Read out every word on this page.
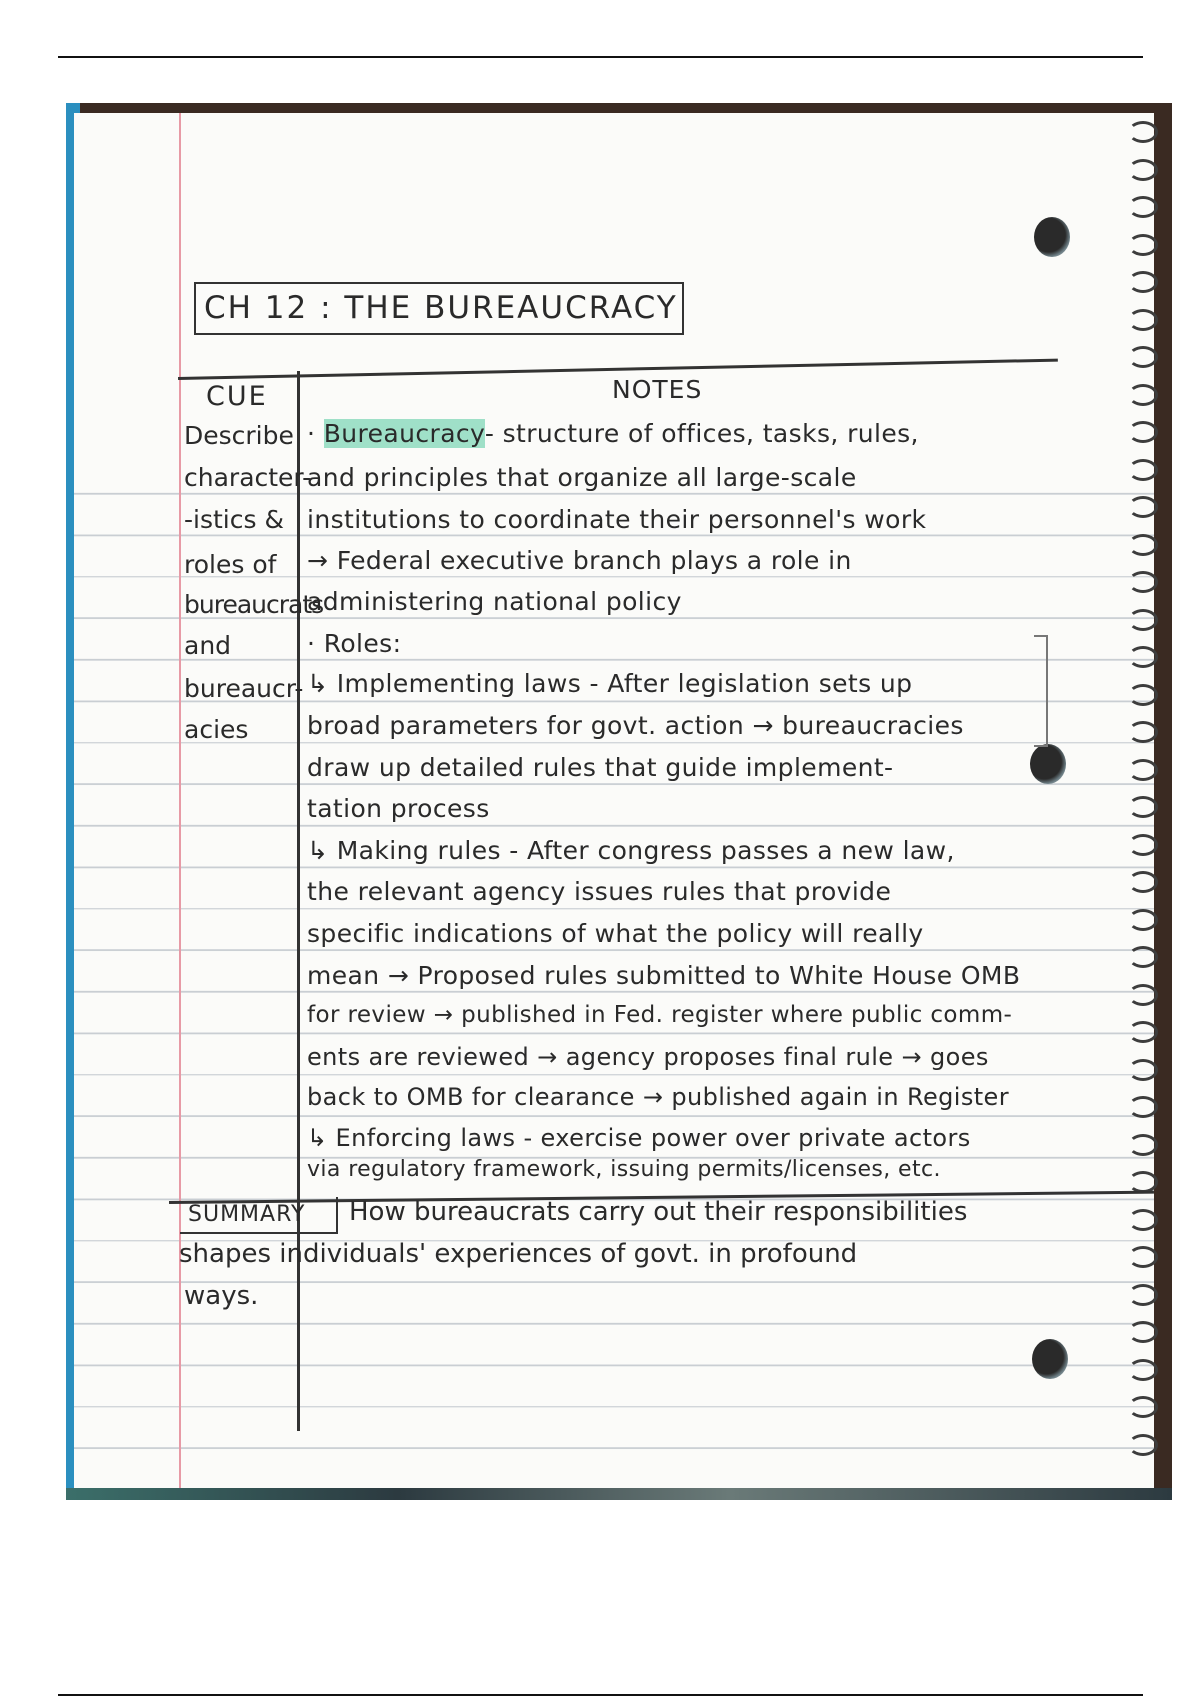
CH 12 : THE BUREAUCRACY
CUE	NOTES
Describe
character-
-istics &
roles of
bureaucrats
and
bureaucr-
acies
· Bureaucracy- structure of offices, tasks, rules,
and principles that organize all large-scale
institutions to coordinate their personnel's work
→ Federal executive branch plays a role in
administering national policy
· Roles:
↳ Implementing laws - After legislation sets up
broad parameters for govt. action → bureaucracies
draw up detailed rules that guide implement-
tation process
↳ Making rules - After congress passes a new law,
the relevant agency issues rules that provide
specific indications of what the policy will really
mean → Proposed rules submitted to White House OMB
for review → published in Fed. register where public comm-
ents are reviewed → agency proposes final rule → goes
back to OMB for clearance → published again in Register
↳ Enforcing laws - exercise power over private actors
via regulatory framework, issuing permits/licenses, etc.
SUMMARY	How bureaucrats carry out their responsibilities
shapes individuals' experiences of govt. in profound
ways.
